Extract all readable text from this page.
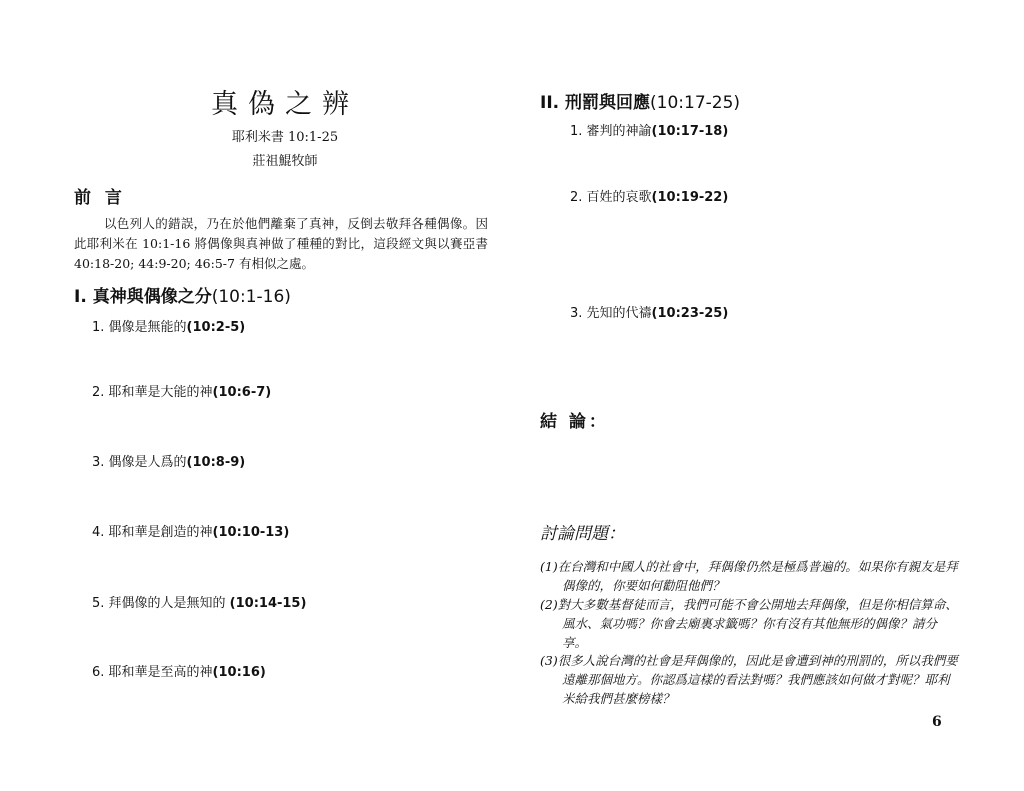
真偽之辨
耶利米書 10:1-25
莊祖鯤牧師
前 言
以色列人的錯誤，乃在於他們離棄了真神，反倒去敬拜各種偶像。因此耶利米在 10:1-16 將偶像與真神做了種種的對比，這段經文與以賽亞書 40:18-20; 44:9-20; 46:5-7 有相似之處。
I. 真神與偶像之分(10:1-16)
1. 偶像是無能的(10:2-5)
2. 耶和華是大能的神(10:6-7)
3. 偶像是人爲的(10:8-9)
4. 耶和華是創造的神(10:10-13)
5. 拜偶像的人是無知的 (10:14-15)
6. 耶和華是至高的神(10:16)
II. 刑罰與回應(10:17-25)
1. 審判的神諭(10:17-18)
2. 百姓的哀歌(10:19-22)
3. 先知的代禱(10:23-25)
結 論：
討論問題：
(1)在台灣和中國人的社會中，拜偶像仍然是極爲普遍的。如果你有親友是拜偶像的，你要如何勸阻他們？
(2)對大多數基督徒而言，我們可能不會公開地去拜偶像，但是你相信算命、風水、氣功嗎？你會去廟裏求籤嗎？你有沒有其他無形的偶像？請分享。
(3)很多人說台灣的社會是拜偶像的，因此是會遭到神的刑罰的，所以我們要遠離那個地方。你認爲這樣的看法對嗎？我們應該如何做才對呢？耶利米給我們甚麼榜樣？
6
